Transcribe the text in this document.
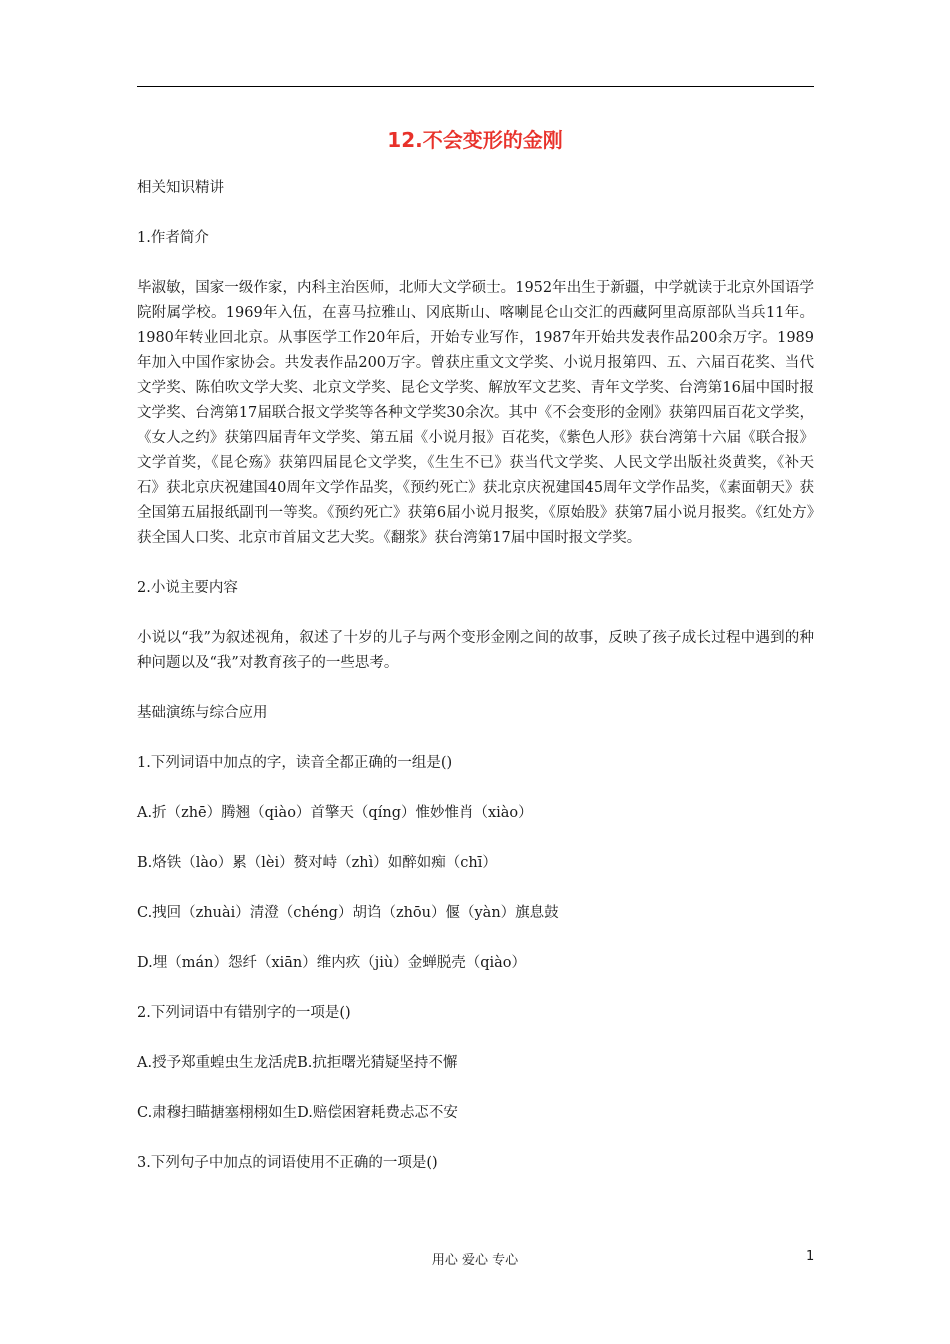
12.不会变形的金刚

相关知识精讲

1.作者简介

毕淑敏，国家一级作家，内科主治医师，北师大文学硕士。1952年出生于新疆，中学就读于北京外国语学院附属学校。1969年入伍，在喜马拉雅山、冈底斯山、喀喇昆仑山交汇的西藏阿里高原部队当兵11年。1980年转业回北京。从事医学工作20年后，开始专业写作，1987年开始共发表作品200余万字。1989年加入中国作家协会。共发表作品200万字。曾获庄重文文学奖、小说月报第四、五、六届百花奖、当代文学奖、陈伯吹文学大奖、北京文学奖、昆仑文学奖、解放军文艺奖、青年文学奖、台湾第16届中国时报文学奖、台湾第17届联合报文学奖等各种文学奖30余次。其中《不会变形的金刚》获第四届百花文学奖，《女人之约》获第四届青年文学奖、第五届《小说月报》百花奖，《紫色人形》获台湾第十六届《联合报》文学首奖，《昆仑殇》获第四届昆仑文学奖，《生生不已》获当代文学奖、人民文学出版社炎黄奖，《补天石》获北京庆祝建国40周年文学作品奖，《预约死亡》获北京庆祝建国45周年文学作品奖，《素面朝天》获全国第五届报纸副刊一等奖。《预约死亡》获第6届小说月报奖，《原始股》获第7届小说月报奖。《红处方》获全国人口奖、北京市首届文艺大奖。《翻浆》获台湾第17届中国时报文学奖。

2.小说主要内容

小说以“我”为叙述视角，叙述了十岁的儿子与两个变形金刚之间的故事，反映了孩子成长过程中遇到的种种问题以及“我”对教育孩子的一些思考。

基础演练与综合应用

1.下列词语中加点的字，读音全都正确的一组是()

A.折（zhē）腾翘（qiào）首擎天（qíng）惟妙惟肖（xiào）

B.烙铁（lào）累（lèi）赘对峙（zhì）如醉如痴（chī）

C.拽回（zhuài）清澄（chéng）胡诌（zhōu）偃（yàn）旗息鼓

D.埋（mán）怨纤（xiān）维内疚（jiù）金蝉脱壳（qiào）

2.下列词语中有错别字的一项是()

A.授予郑重蝗虫生龙活虎B.抗拒曙光猜疑坚持不懈

C.肃穆扫瞄搪塞栩栩如生D.赔偿困窘耗费忐忑不安

3.下列句子中加点的词语使用不正确的一项是()

用心 爱心 专心	1
